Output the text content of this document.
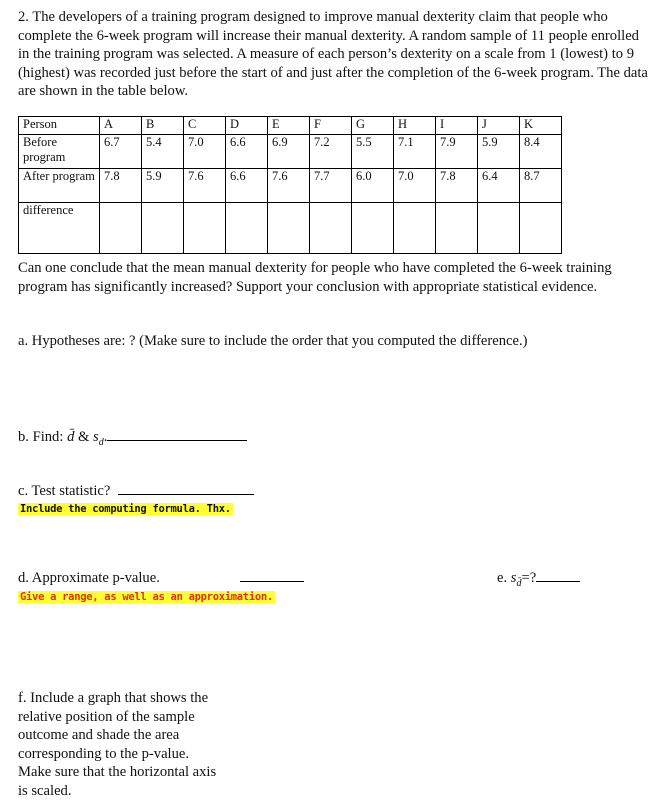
2. The developers of a training program designed to improve manual dexterity claim that people who complete the 6-week program will increase their manual dexterity. A random sample of 11 people enrolled in the training program was selected. A measure of each person’s dexterity on a scale from 1 (lowest) to 9 (highest) was recorded just before the start of and just after the completion of the 6-week program. The data are shown in the table below.
Person	A	B	C	D	E	F	G	H	I	J	K
Before program	6.7	5.4	7.0	6.6	6.9	7.2	5.5	7.1	7.9	5.9	8.4
After program	7.8	5.9	7.6	6.6	7.6	7.7	6.0	7.0	7.8	6.4	8.7
difference											
Can one conclude that the mean manual dexterity for people who have completed the 6-week training program has significantly increased? Support your conclusion with appropriate statistical evidence.
a. Hypotheses are: ? (Make sure to include the order that you computed the difference.)
b. Find: d̄ & $s_d$.
c. Test statistic?
Include the computing formula. Thx.
d. Approximate p-value.
Give a range, as well as an approximation.
e. $s_{d̄}=$?
f. Include a graph that shows the relative position of the sample outcome and shade the area corresponding to the p-value. Make sure that the horizontal axis is scaled.
